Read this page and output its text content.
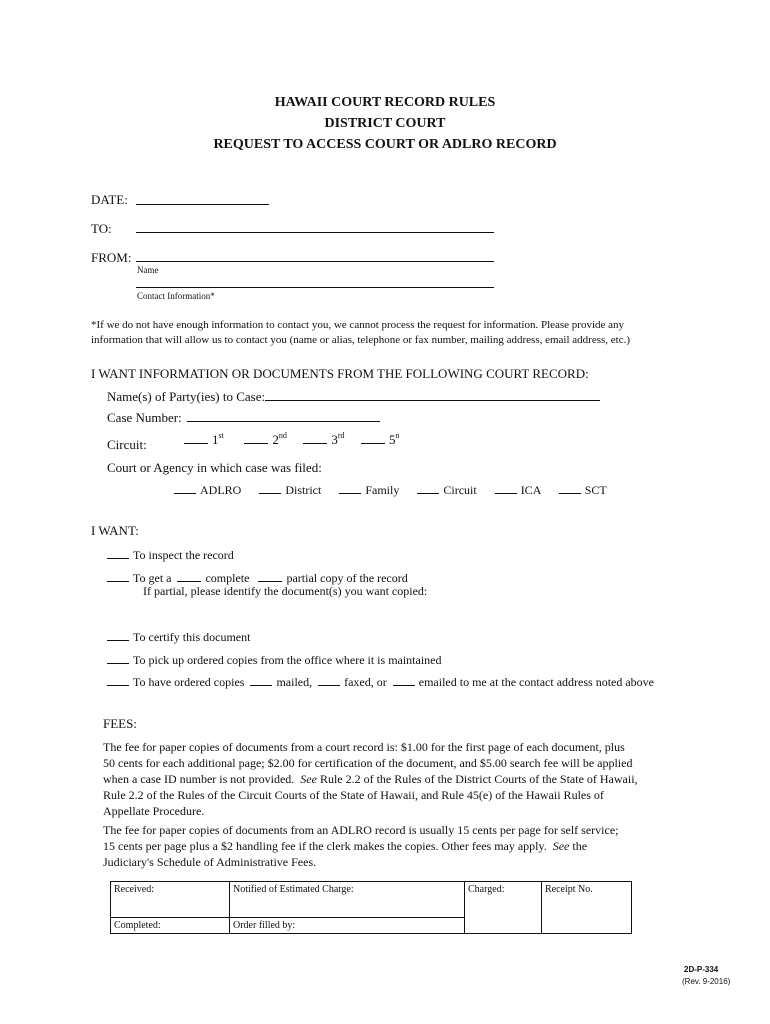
HAWAII COURT RECORD RULES
DISTRICT COURT
REQUEST TO ACCESS COURT OR ADLRO RECORD
DATE:
TO:
FROM:
Name
Contact Information*
*If we do not have enough information to contact you, we cannot process the request for information. Please provide any information that will allow us to contact you (name or alias, telephone or fax number, mailing address, email address, etc.)
I WANT INFORMATION OR DOCUMENTS FROM THE FOLLOWING COURT RECORD:
Name(s) of Party(ies) to Case:
Case Number:
Circuit:	1st	2nd	3rd	5$^n$
Court or Agency in which case was filed:
ADLRO	District	Family	Circuit	ICA	SCT
I WANT:
To inspect the record
To get a	complete	partial copy of the record
If partial, please identify the document(s) you want copied:
To certify this document
To pick up ordered copies from the office where it is maintained
To have ordered copies	mailed,	faxed, or	emailed to me at the contact address noted above
FEES:
The fee for paper copies of documents from a court record is: $1.00 for the first page of each document, plus
50 cents for each additional page; $2.00 for certification of the document, and $5.00 search fee will be applied
when a case ID number is not provided. See Rule 2.2 of the Rules of the District Courts of the State of Hawaii,
Rule 2.2 of the Rules of the Circuit Courts of the State of Hawaii, and Rule 45(e) of the Hawaii Rules of
Appellate Procedure.
The fee for paper copies of documents from an ADLRO record is usually 15 cents per page for self service;
15 cents per page plus a $2 handling fee if the clerk makes the copies. Other fees may apply. See the
Judiciary's Schedule of Administrative Fees.
Received:	Notified of Estimated Charge:	Charged:	Receipt No.
Completed:	Order filled by:		
2D-P-334
(Rev. 9-2016)
